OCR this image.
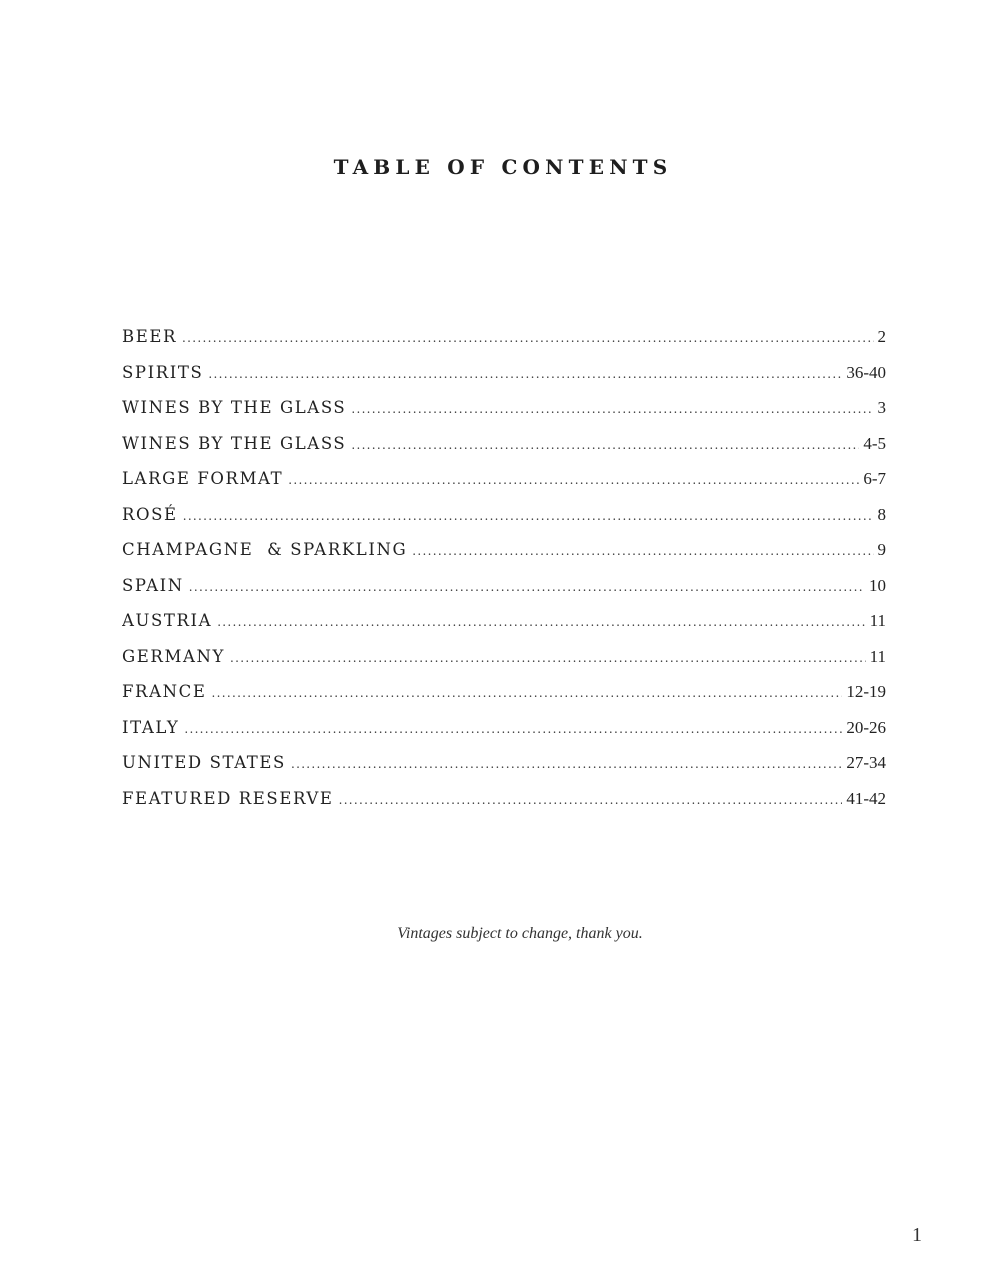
TABLE OF CONTENTS
BEER .....	2
SPIRITS .....	36-40
WINES BY THE GLASS .....	3
WINES BY THE GLASS .....	4-5
LARGE FORMAT .....	6-7
ROSÉ .....	8
CHAMPAGNE  & SPARKLING .....	9
SPAIN .....	10
AUSTRIA .....	11
GERMANY .....	11
FRANCE .....	12-19
ITALY .....	20-26
UNITED STATES .....	27-34
FEATURED RESERVE .....	41-42

Vintages subject to change, thank you.

1
